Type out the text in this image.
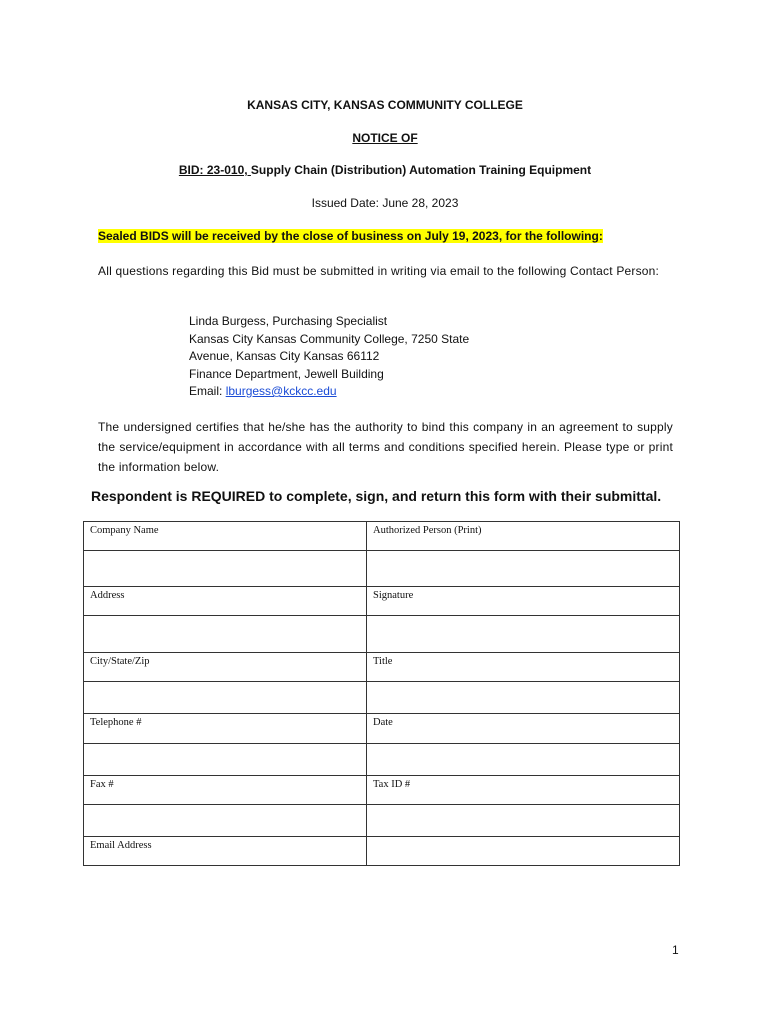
KANSAS CITY, KANSAS COMMUNITY COLLEGE
NOTICE OF
BID: 23-010, Supply Chain (Distribution) Automation Training Equipment
Issued Date: June 28, 2023
Sealed BIDS will be received by the close of business on July 19, 2023, for the following:
All questions regarding this Bid must be submitted in writing via email to the following Contact Person:
Linda Burgess, Purchasing Specialist
Kansas City Kansas Community College, 7250 State
Avenue, Kansas City Kansas 66112
Finance Department, Jewell Building
Email: lburgess@kckcc.edu
The undersigned certifies that he/she has the authority to bind this company in an agreement to supply the service/equipment in accordance with all terms and conditions specified herein. Please type or print the information below.
Respondent is REQUIRED to complete, sign, and return this form with their submittal.
Company Name	Authorized Person (Print)

Address	Signature

City/State/Zip	Title

Telephone #	Date

Fax #	Tax ID #

Email Address	
1
